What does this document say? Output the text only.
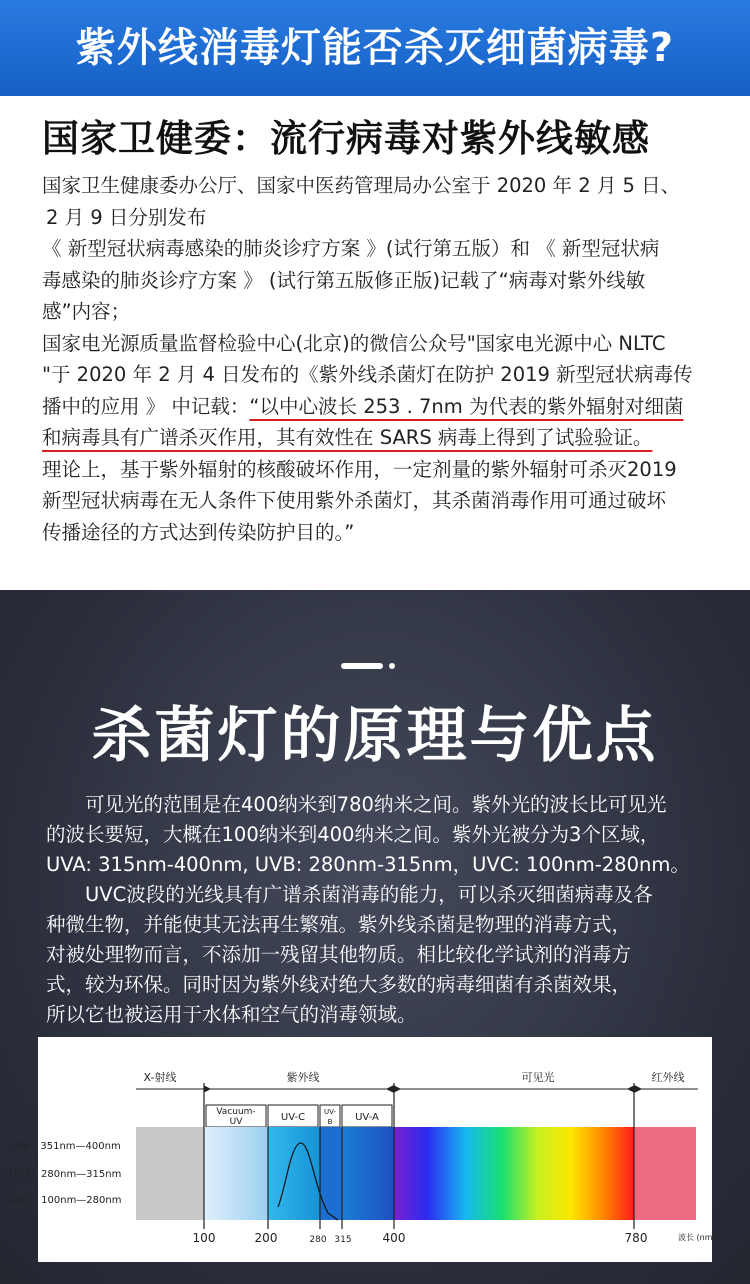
紫外线消毒灯能否杀灭细菌病毒?
国家卫健委：流行病毒对紫外线敏感
国家卫生健康委办公厅、国家中医药管理局办公室于 2020 年 2 月 5 日、
2 月 9 日分别发布
《 新型冠状病毒感染的肺炎诊疗方案 》(试行第五版）和 《 新型冠状病
毒感染的肺炎诊疗方案 》 (试行第五版修正版)记载了“病毒对紫外线敏
感”内容；
国家电光源质量监督检验中心(北京)的微信公众号"国家电光源中心 NLTC
"于 2020 年 2 月 4 日发布的《紫外线杀菌灯在防护 2019 新型冠状病毒传
播中的应用 》 中记载：“以中心波长 253 . 7nm 为代表的紫外辐射对细菌
和病毒具有广谱杀灭作用，其有效性在 SARS 病毒上得到了试验验证。
理论上，基于紫外辐射的核酸破坏作用，一定剂量的紫外辐射可杀灭2019
新型冠状病毒在无人条件下使用紫外杀菌灯，其杀菌消毒作用可通过破坏
传播途径的方式达到传染防护目的。”
杀菌灯的原理与优点
　　可见光的范围是在400纳米到780纳米之间。紫外光的波长比可见光
的波长要短，大概在100纳米到400纳米之间。紫外光被分为3个区域，
UVA: 315nm-400nm, UVB: 280nm-315nm，UVC: 100nm-280nm。
　　UVC波段的光线具有广谱杀菌消毒的能力，可以杀灭细菌病毒及各
种微生物，并能使其无法再生繁殖。紫外线杀菌是物理的消毒方式，
对被处理物而言，不添加一残留其他物质。相比较化学试剂的消毒方
式，较为环保。同时因为紫外线对绝大多数的病毒细菌有杀菌效果，
所以它也被运用于水体和空气的消毒领域。
X-射线	紫外线	可见光	红外线
Vacuum-
UV	UV-C	UV-
B UV-A
UVA：351nm—400nm
UVB：280nm—315nm
UVC：100nm—280nm
100	200	280 315	400	780	波长 (nm)
